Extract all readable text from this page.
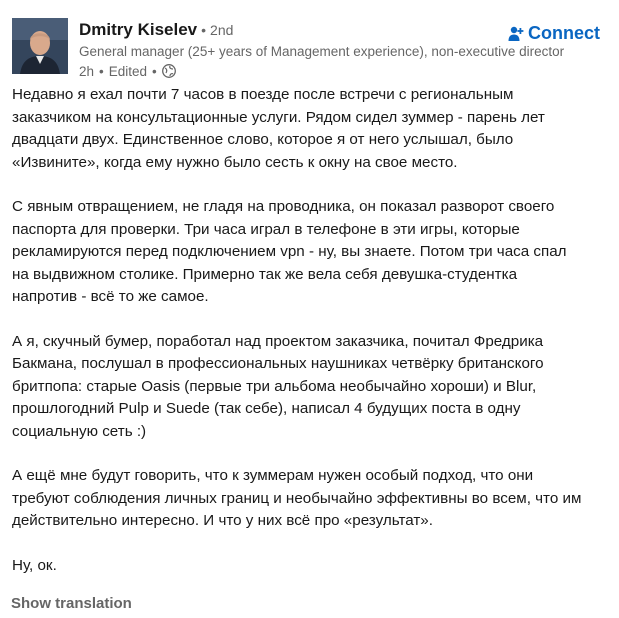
Dmitry Kiselev • 2nd
General manager (25+ years of Management experience), non-executive director
2h • Edited •
Connect

Недавно я ехал почти 7 часов в поезде после встречи с региональным
заказчиком на консультационные услуги. Рядом сидел зуммер - парень лет
двадцати двух. Единственное слово, которое я от него услышал, было
«Извините», когда ему нужно было сесть к окну на свое место.

С явным отвращением, не гладя на проводника, он показал разворот своего
паспорта для проверки. Три часа играл в телефоне в эти игры, которые
рекламируются перед подключением vpn - ну, вы знаете. Потом три часа спал
на выдвижном столике. Примерно так же вела себя девушка-студентка
напротив - всё то же самое.

А я, скучный бумер, поработал над проектом заказчика, почитал Фредрика
Бакмана, послушал в профессиональных наушниках четвёрку британского
бритпопа: старые Oasis (первые три альбома необычайно хороши) и Blur,
прошлогодний Pulp и Suede (так себе), написал 4 будущих поста в одну
социальную сеть :)

А ещё мне будут говорить, что к зуммерам нужен особый подход, что они
требуют соблюдения личных границ и необычайно эффективны во всем, что им
действительно интересно. И что у них всё про «результат».

Ну, ок.

Show translation
